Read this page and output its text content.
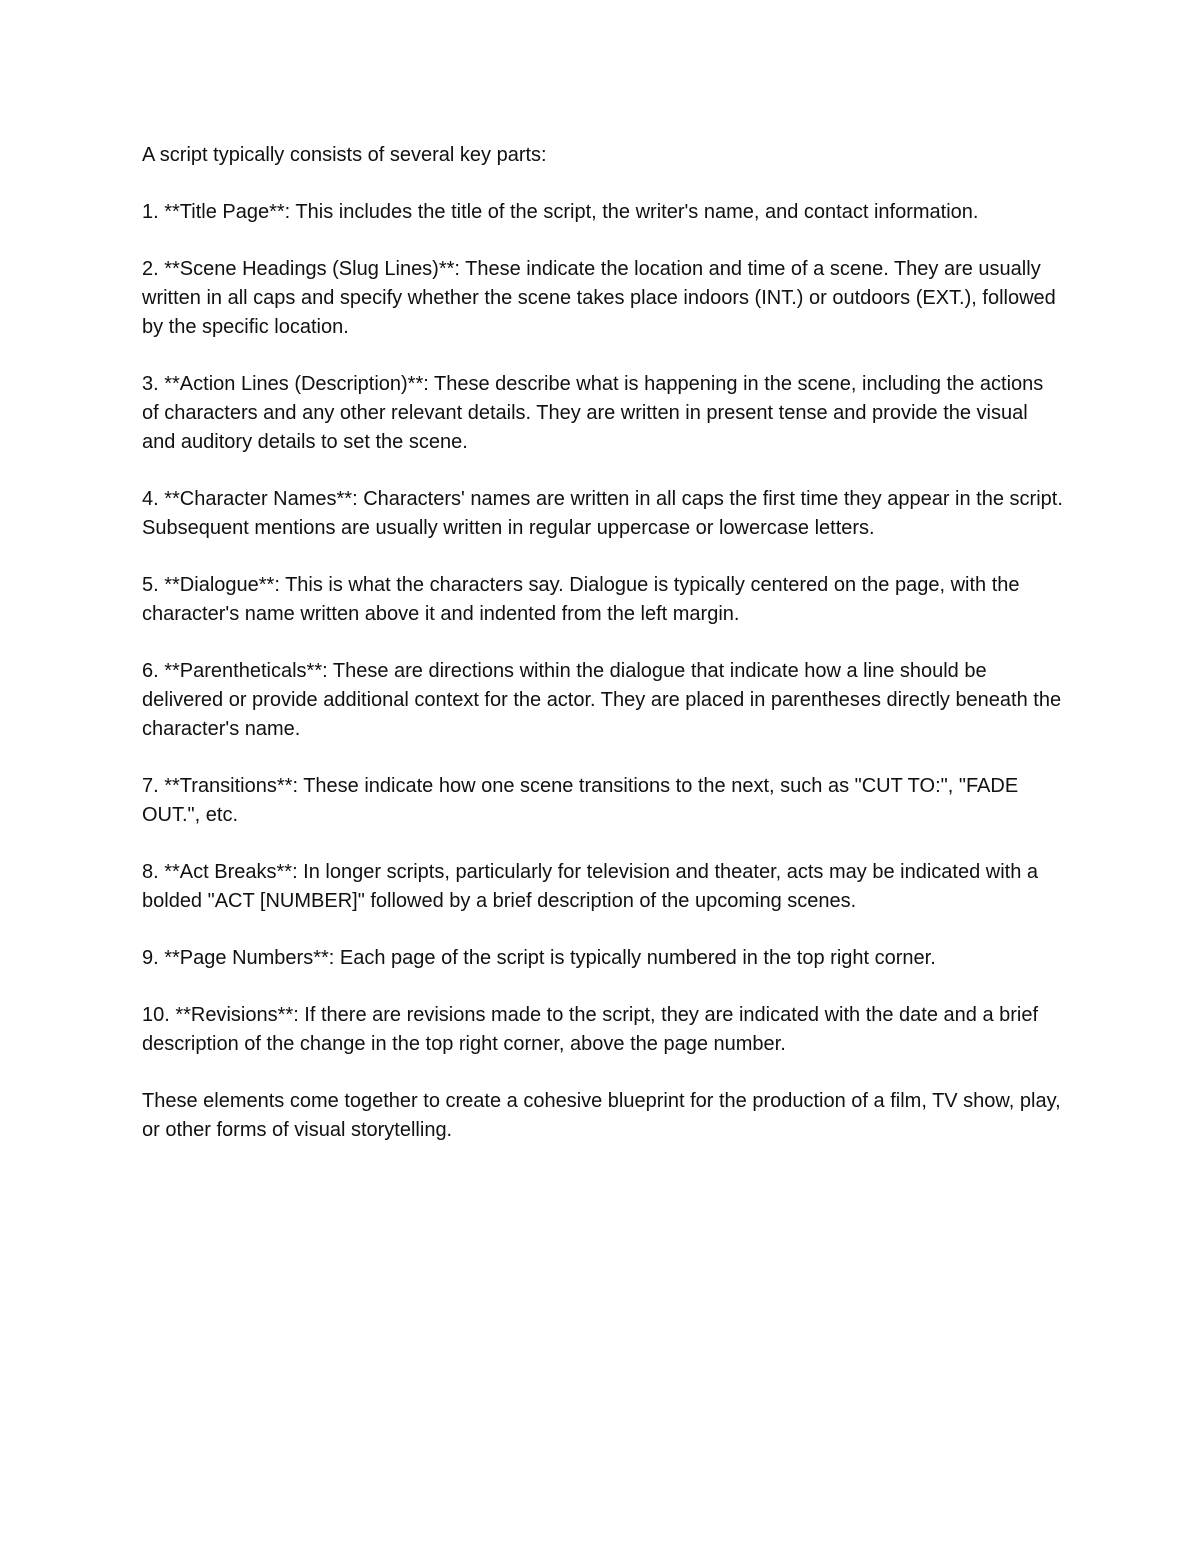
A script typically consists of several key parts:

1. **Title Page**: This includes the title of the script, the writer's name, and contact information.

2. **Scene Headings (Slug Lines)**: These indicate the location and time of a scene. They are usually written in all caps and specify whether the scene takes place indoors (INT.) or outdoors (EXT.), followed by the specific location.

3. **Action Lines (Description)**: These describe what is happening in the scene, including the actions of characters and any other relevant details. They are written in present tense and provide the visual and auditory details to set the scene.

4. **Character Names**: Characters' names are written in all caps the first time they appear in the script. Subsequent mentions are usually written in regular uppercase or lowercase letters.

5. **Dialogue**: This is what the characters say. Dialogue is typically centered on the page, with the character's name written above it and indented from the left margin.

6. **Parentheticals**: These are directions within the dialogue that indicate how a line should be delivered or provide additional context for the actor. They are placed in parentheses directly beneath the character's name.

7. **Transitions**: These indicate how one scene transitions to the next, such as "CUT TO:", "FADE OUT.", etc.

8. **Act Breaks**: In longer scripts, particularly for television and theater, acts may be indicated with a bolded "ACT [NUMBER]" followed by a brief description of the upcoming scenes.

9. **Page Numbers**: Each page of the script is typically numbered in the top right corner.

10. **Revisions**: If there are revisions made to the script, they are indicated with the date and a brief description of the change in the top right corner, above the page number.

These elements come together to create a cohesive blueprint for the production of a film, TV show, play, or other forms of visual storytelling.
